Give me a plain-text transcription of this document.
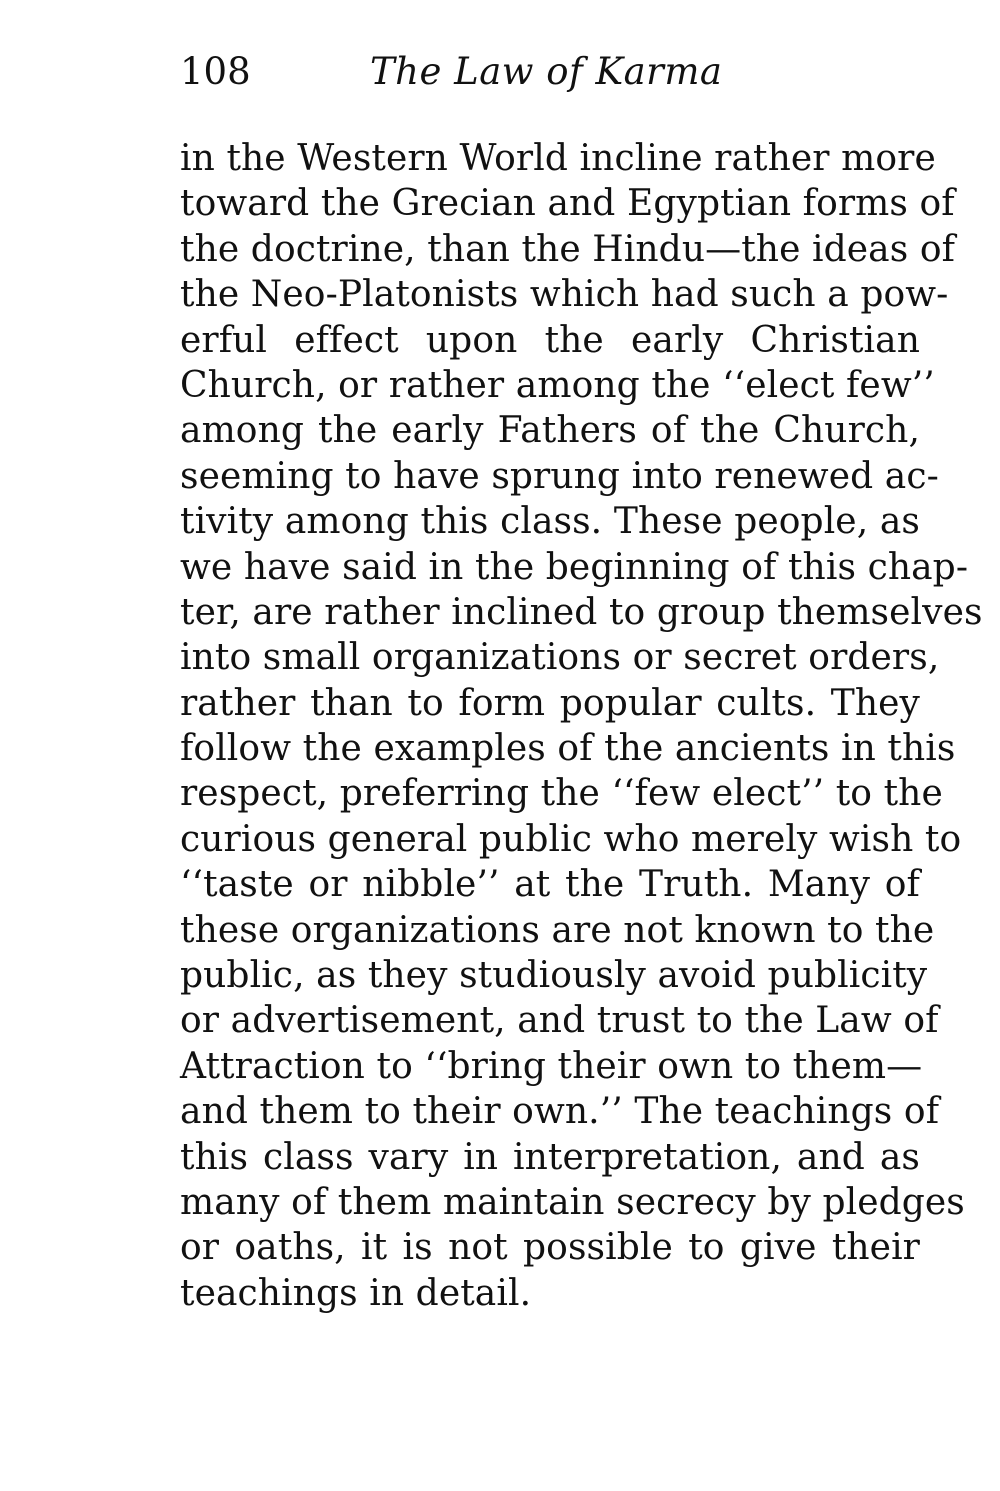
108	The Law of Karma
in the Western World incline rather more
toward the Grecian and Egyptian forms of
the doctrine, than the Hindu—the ideas of
the Neo-Platonists which had such a pow-
erful effect upon the early Christian
Church, or rather among the ‘‘elect few’’
among the early Fathers of the Church,
seeming to have sprung into renewed ac-
tivity among this class. These people, as
we have said in the beginning of this chap-
ter, are rather inclined to group themselves
into small organizations or secret orders,
rather than to form popular cults. They
follow the examples of the ancients in this
respect, preferring the ‘‘few elect’’ to the
curious general public who merely wish to
‘‘taste or nibble’’ at the Truth. Many of
these organizations are not known to the
public, as they studiously avoid publicity
or advertisement, and trust to the Law of
Attraction to ‘‘bring their own to them—
and them to their own.’’ The teachings of
this class vary in interpretation, and as
many of them maintain secrecy by pledges
or oaths, it is not possible to give their
teachings in detail.
